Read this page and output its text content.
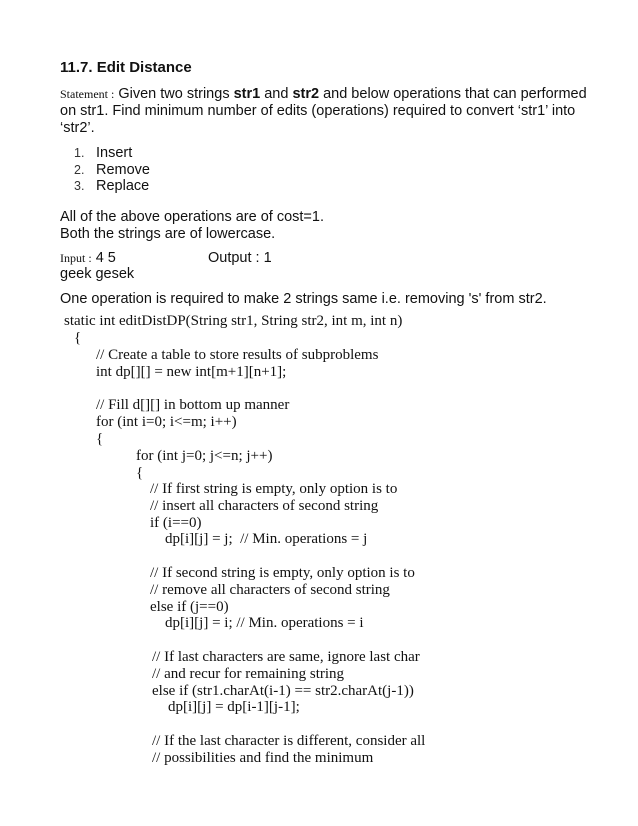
11.7. Edit Distance
Statement : Given two strings str1 and str2 and below operations that can performed
on str1. Find minimum number of edits (operations) required to convert ‘str1’ into
‘str2’.
1. Insert
2. Remove
3. Replace
All of the above operations are of cost=1.
Both the strings are of lowercase.
Input : 4 5	Output : 1
geek gesek
One operation is required to make 2 strings same i.e. removing 's' from str2.

static int editDistDP(String str1, String str2, int m, int n)

{

// Create a table to store results of subproblems

int dp[][] = new int[m+1][n+1];

// Fill d[][] in bottom up manner

for (int i=0; i<=m; i++)

{

for (int j=0; j<=n; j++)

{

// If first string is empty, only option is to

// insert all characters of second string

if (i==0)

dp[i][j] = j;  // Min. operations = j

// If second string is empty, only option is to

// remove all characters of second string

else if (j==0)

dp[i][j] = i; // Min. operations = i

// If last characters are same, ignore last char

// and recur for remaining string

else if (str1.charAt(i-1) == str2.charAt(j-1))

dp[i][j] = dp[i-1][j-1];

// If the last character is different, consider all

// possibilities and find the minimum
